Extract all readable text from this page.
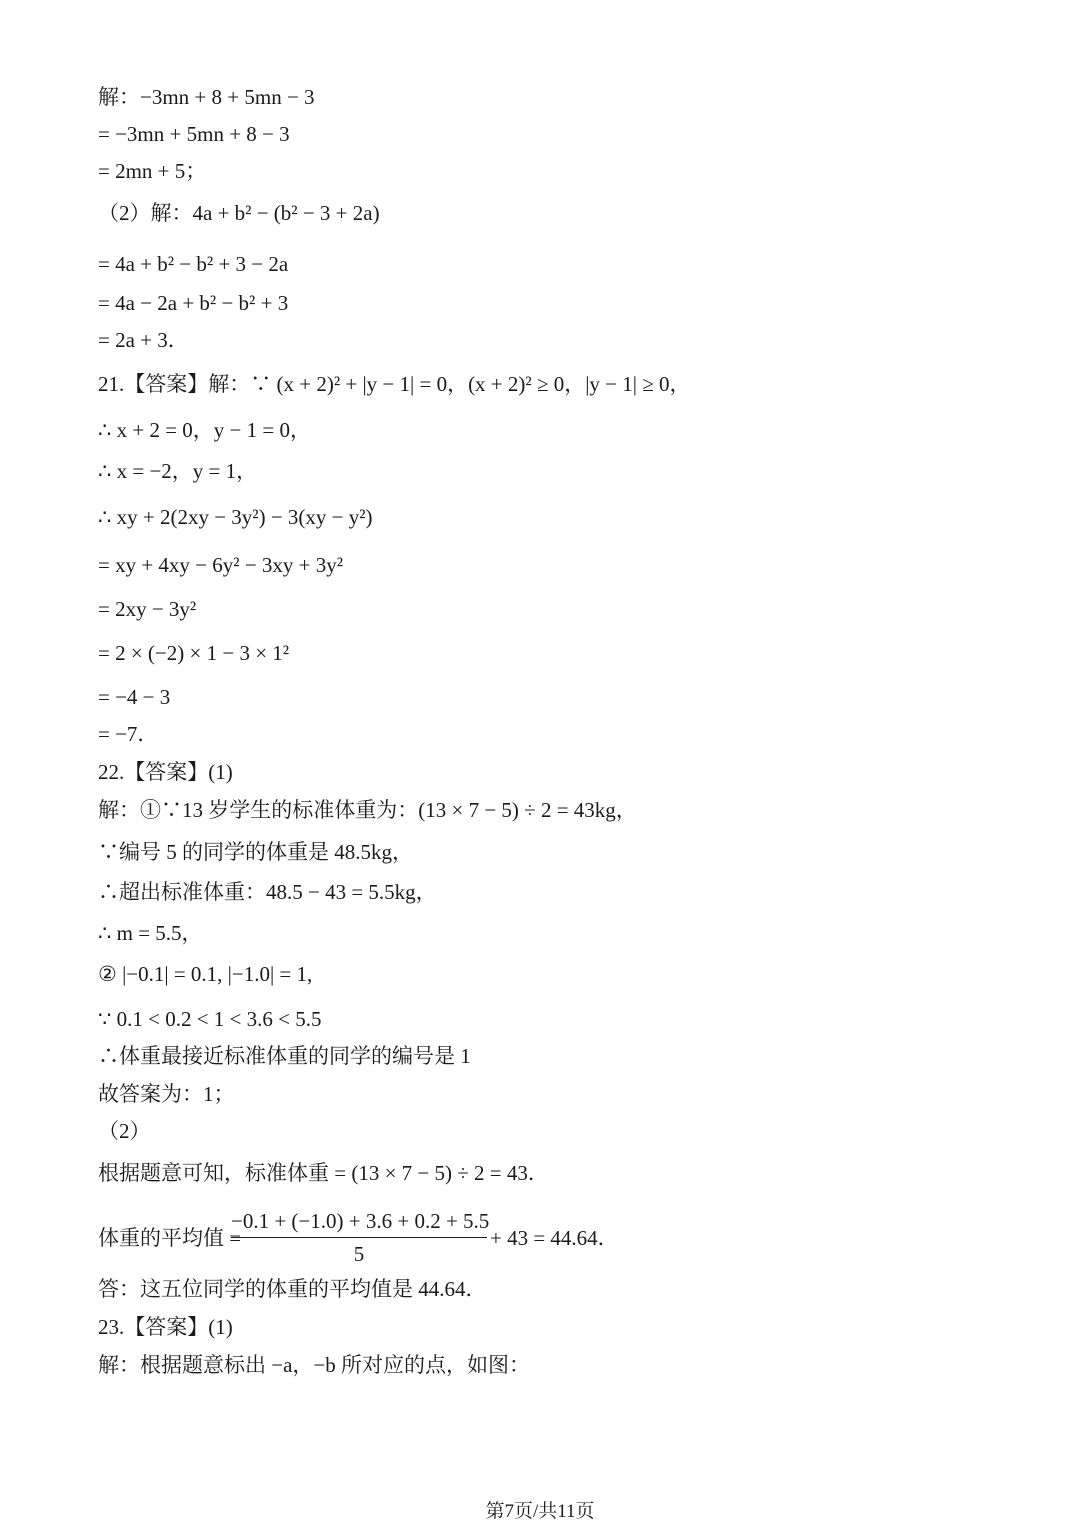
解：−3mn + 8 + 5mn − 3
= −3mn + 5mn + 8 − 3
= 2mn + 5；
（2）解：4a + b² − (b² − 3 + 2a)
= 4a + b² − b² + 3 − 2a
= 4a − 2a + b² − b² + 3
= 2a + 3．
21.【答案】解：∵ (x + 2)² + |y − 1| = 0，(x + 2)² ≥ 0，|y − 1| ≥ 0，
∴ x + 2 = 0，y − 1 = 0，
∴ x = −2，y = 1，
∴ xy + 2(2xy − 3y²) − 3(xy − y²)
= xy + 4xy − 6y² − 3xy + 3y²
= 2xy − 3y²
= 2 × (−2) × 1 − 3 × 1²
= −4 − 3
= −7．
22.【答案】(1)
解：①∵13 岁学生的标准体重为：(13 × 7 − 5) ÷ 2 = 43kg，
∵编号 5 的同学的体重是 48.5kg，
∴超出标准体重：48.5 − 43 = 5.5kg，
∴ m = 5.5，
② |−0.1| = 0.1, |−1.0| = 1,
∵ 0.1 < 0.2 < 1 < 3.6 < 5.5
∴体重最接近标准体重的同学的编号是 1
故答案为：1；
（2）
根据题意可知，标准体重 = (13 × 7 − 5) ÷ 2 = 43．
答：这五位同学的体重的平均值是 44.64．
23.【答案】(1)
解：根据题意标出 −a，−b 所对应的点，如图：
体重的平均值 =
−0.1 + (−1.0) + 3.6 + 0.2 + 5.5
5
+ 43 = 44.64．
第7页/共11页
